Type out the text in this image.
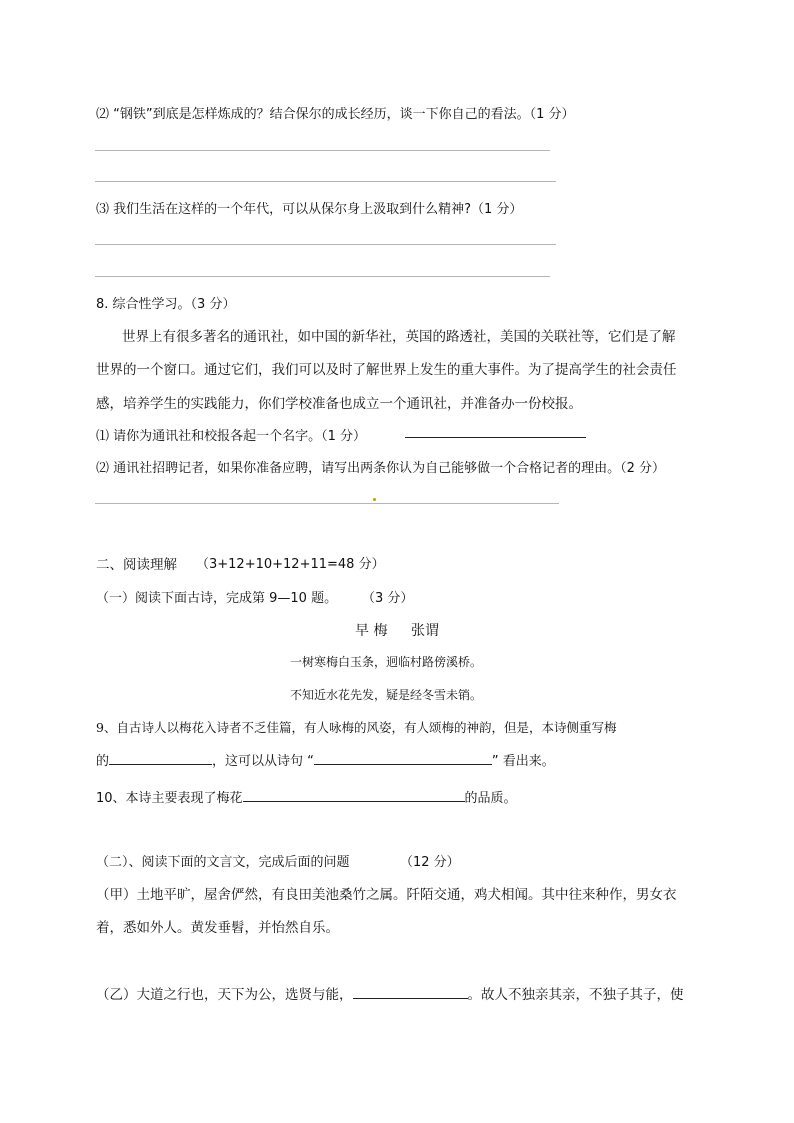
⑵ “钢铁”到底是怎样炼成的？结合保尔的成长经历，谈一下你自己的看法。（1 分）
⑶ 我们生活在这样的一个年代，可以从保尔身上汲取到什么精神?（1 分）
8. 综合性学习。（3 分）
世界上有很多著名的通讯社，如中国的新华社，英国的路透社，美国的关联社等，它们是了解
世界的一个窗口。通过它们，我们可以及时了解世界上发生的重大事件。为了提高学生的社会责任
感，培养学生的实践能力，你们学校准备也成立一个通讯社，并准备办一份校报。
⑴ 请你为通讯社和校报各起一个名字。（1 分）
⑵ 通讯社招聘记者，如果你准备应聘，请写出两条你认为自己能够做一个合格记者的理由。（2 分）
二、阅读理解 （3+12+10+12+11=48 分）
（一）阅读下面古诗，完成第 9—10 题。 （3 分）
早 梅 张谓
一树寒梅白玉条，迥临村路傍溪桥。
不知近水花先发，疑是经冬雪未销。
9、自古诗人以梅花入诗者不乏佳篇，有人咏梅的风姿，有人颂梅的神韵，但是，本诗侧重写梅
的	，这可以从诗句 “	” 看出来。
10、本诗主要表现了梅花	的品质。
（二）、阅读下面的文言文，完成后面的问题	（12 分）
（甲）土地平旷，屋舍俨然，有良田美池桑竹之属。阡陌交通，鸡犬相闻。其中往来种作，男女衣
着，悉如外人。黄发垂髫，并怡然自乐。
（乙）大道之行也，天下为公，选贤与能，	。故人不独亲其亲，不独子其子，使
